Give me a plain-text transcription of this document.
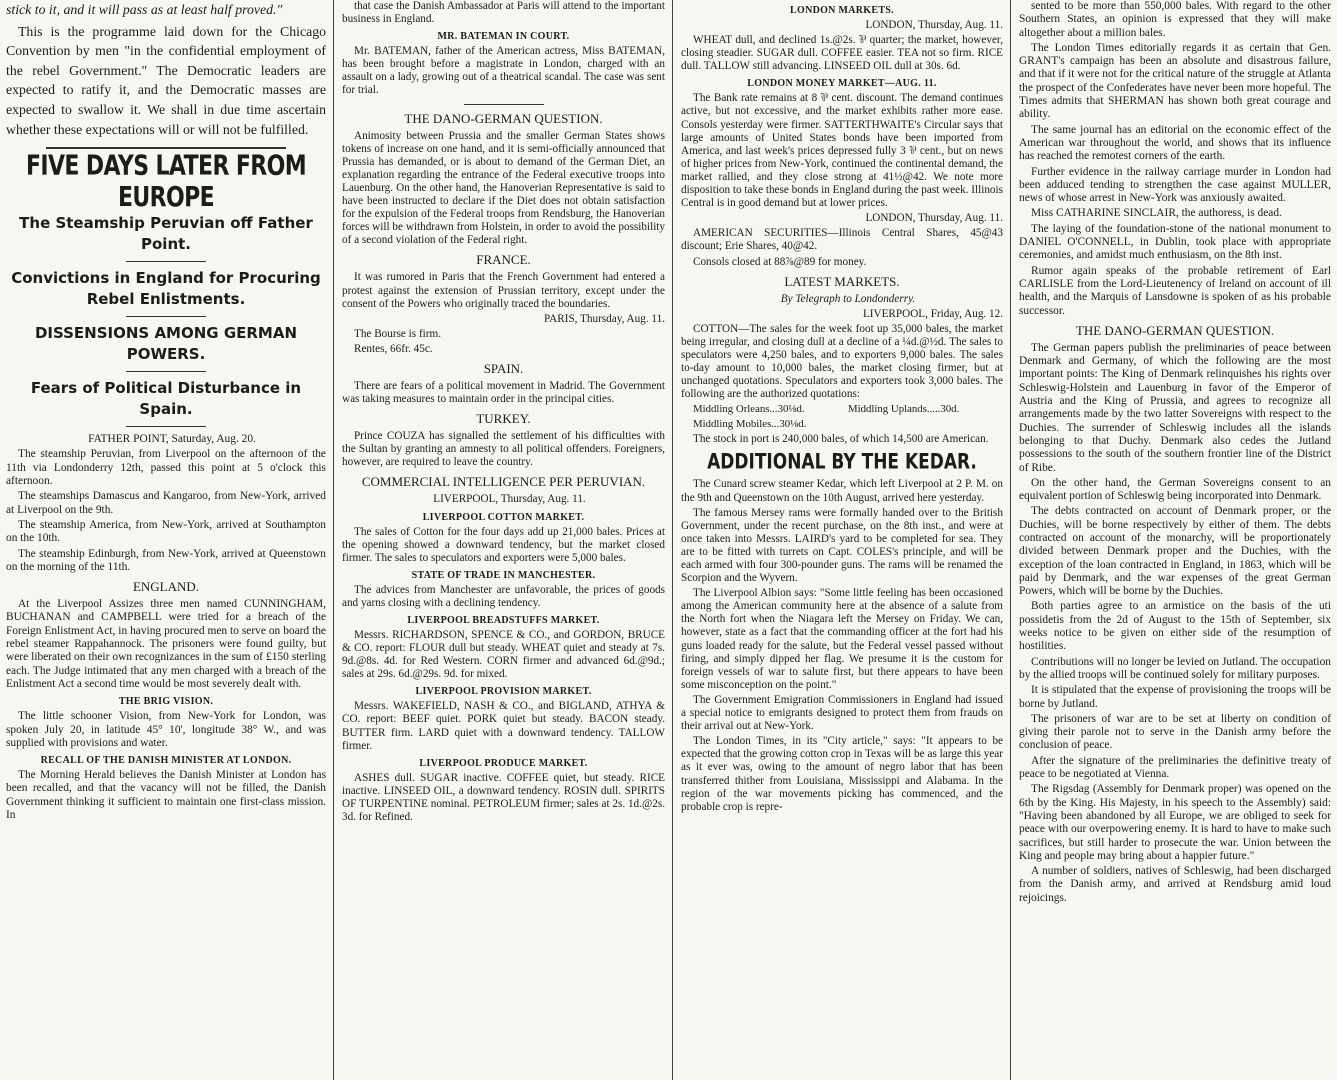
stick to it, and it will pass as at least half proved."

This is the programme laid down for the Chicago Convention by men "in the confidential employment of the rebel Government." The Democratic leaders are expected to ratify it, and the Democratic masses are expected to swallow it. We shall in due time ascertain whether these expectations will or will not be fulfilled.

FIVE DAYS LATER FROM EUROPE
The Steamship Peruvian off Father Point.
Convictions in England for Procuring Rebel Enlistments.
DISSENSIONS AMONG GERMAN POWERS.
Fears of Political Disturbance in Spain.

FATHER POINT, Saturday, Aug. 20.

The steamship Peruvian, from Liverpool on the afternoon of the 11th via Londonderry 12th, passed this point at 5 o'clock this afternoon.

The steamships Damascus and Kangaroo, from New-York, arrived at Liverpool on the 9th.

The steamship America, from New-York, arrived at Southampton on the 10th.

The steamship Edinburgh, from New-York, arrived at Queenstown on the morning of the 11th.

ENGLAND.

At the Liverpool Assizes three men named CUNNINGHAM, BUCHANAN and CAMPBELL were tried for a breach of the Foreign Enlistment Act, in having procured men to serve on board the rebel steamer Rappahannock. The prisoners were found guilty, but were liberated on their own recognizances in the sum of £150 sterling each. The Judge intimated that any men charged with a breach of the Enlistment Act a second time would be most severely dealt with.

THE BRIG VISION.

The little schooner Vision, from New-York for London, was spoken July 20, in latitude 45° 10', longitude 38° W., and was supplied with provisions and water.

RECALL OF THE DANISH MINISTER AT LONDON.

The Morning Herald believes the Danish Minister at London has been recalled, and that the vacancy will not be filled, the Danish Government thinking it sufficient to maintain one first-class mission. In

that case the Danish Ambassador at Paris will attend to the important business in England.

MR. BATEMAN IN COURT.

Mr. BATEMAN, father of the American actress, Miss BATEMAN, has been brought before a magistrate in London, charged with an assault on a lady, growing out of a theatrical scandal. The case was sent for trial.

THE DANO-GERMAN QUESTION.

Animosity between Prussia and the smaller German States shows tokens of increase on one hand, and it is semi-officially announced that Prussia has demanded, or is about to demand of the German Diet, an explanation regarding the entrance of the Federal executive troops into Lauenburg. On the other hand, the Hanoverian Representative is said to have been instructed to declare if the Diet does not obtain satisfaction for the expulsion of the Federal troops from Rendsburg, the Hanoverian forces will be withdrawn from Holstein, in order to avoid the possibility of a second violation of the Federal right.

FRANCE.

It was rumored in Paris that the French Government had entered a protest against the extension of Prussian territory, except under the consent of the Powers who originally traced the boundaries.

PARIS, Thursday, Aug. 11.

The Bourse is firm.

Rentes, 66fr. 45c.

SPAIN.

There are fears of a political movement in Madrid. The Government was taking measures to maintain order in the principal cities.

TURKEY.

Prince COUZA has signalled the settlement of his difficulties with the Sultan by granting an amnesty to all political offenders. Foreigners, however, are required to leave the country.

COMMERCIAL INTELLIGENCE PER PERUVIAN.

LIVERPOOL, Thursday, Aug. 11.

LIVERPOOL COTTON MARKET.

The sales of Cotton for the four days add up 21,000 bales. Prices at the opening showed a downward tendency, but the market closed firmer. The sales to speculators and exporters were 5,000 bales.

STATE OF TRADE IN MANCHESTER.

The advices from Manchester are unfavorable, the prices of goods and yarns closing with a declining tendency.

LIVERPOOL BREADSTUFFS MARKET.

Messrs. RICHARDSON, SPENCE & CO., and GORDON, BRUCE & CO. report: FLOUR dull but steady. WHEAT quiet and steady at 7s. 9d.@8s. 4d. for Red Western. CORN firmer and advanced 6d.@9d.; sales at 29s. 6d.@29s. 9d. for mixed.

LIVERPOOL PROVISION MARKET.

Messrs. WAKEFIELD, NASH & CO., and BIGLAND, ATHYA & CO. report: BEEF quiet. PORK quiet but steady. BACON steady. BUTTER firm. LARD quiet with a downward tendency. TALLOW firmer.

LIVERPOOL PRODUCE MARKET.

ASHES dull. SUGAR inactive. COFFEE quiet, but steady. RICE inactive. LINSEED OIL, a downward tendency. ROSIN dull. SPIRITS OF TURPENTINE nominal. PETROLEUM firmer; sales at 2s. 1d.@2s. 3d. for Refined.

LONDON MARKETS.

LONDON, Thursday, Aug. 11.

WHEAT dull, and declined 1s.@2s. ⅌ quarter; the market, however, closing steadier. SUGAR dull. COFFEE easier. TEA not so firm. RICE dull. TALLOW still advancing. LINSEED OIL dull at 30s. 6d.

LONDON MONEY MARKET—AUG. 11.

The Bank rate remains at 8 ⅌ cent. discount. The demand continues active, but not excessive, and the market exhibits rather more ease. Consols yesterday were firmer. SATTERTHWAITE's Circular says that large amounts of United States bonds have been imported from America, and last week's prices depressed fully 3 ⅌ cent., but on news of higher prices from New-York, continued the continental demand, the market rallied, and they close strong at 41½@42. We note more disposition to take these bonds in England during the past week. Illinois Central is in good demand but at lower prices.

LONDON, Thursday, Aug. 11.

AMERICAN SECURITIES—Illinois Central Shares, 45@43 discount; Erie Shares, 40@42.

Consols closed at 88⅞@89 for money.

LATEST MARKETS.

By Telegraph to Londonderry.

LIVERPOOL, Friday, Aug. 12.

COTTON—The sales for the week foot up 35,000 bales, the market being irregular, and closing dull at a decline of a ¼d.@½d. The sales to speculators were 4,250 bales, and to exporters 9,000 bales. The sales to-day amount to 10,000 bales, the market closing firmer, but at unchanged quotations. Speculators and exporters took 3,000 bales. The following are the authorized quotations:

Middling Orleans...30⅛d.	Middling Uplands.....30d.
Middling Mobiles...30⅛d.

The stock in port is 240,000 bales, of which 14,500 are American.

ADDITIONAL BY THE KEDAR.

The Cunard screw steamer Kedar, which left Liverpool at 2 P. M. on the 9th and Queenstown on the 10th August, arrived here yesterday.

The famous Mersey rams were formally handed over to the British Government, under the recent purchase, on the 8th inst., and were at once taken into Messrs. LAIRD's yard to be completed for sea. They are to be fitted with turrets on Capt. COLES's principle, and will be each armed with four 300-pounder guns. The rams will be renamed the Scorpion and the Wyvern.

The Liverpool Albion says: "Some little feeling has been occasioned among the American community here at the absence of a salute from the North fort when the Niagara left the Mersey on Friday. We can, however, state as a fact that the commanding officer at the fort had his guns loaded ready for the salute, but the Federal vessel passed without firing, and simply dipped her flag. We presume it is the custom for foreign vessels of war to salute first, but there appears to have been some misconception on the point."

The Government Emigration Commissioners in England had issued a special notice to emigrants designed to protect them from frauds on their arrival out at New-York.

The London Times, in its "City article," says: "It appears to be expected that the growing cotton crop in Texas will be as large this year as it ever was, owing to the amount of negro labor that has been transferred thither from Louisiana, Mississippi and Alabama. In the region of the war movements picking has commenced, and the probable crop is repre-

sented to be more than 550,000 bales. With regard to the other Southern States, an opinion is expressed that they will make altogether about a million bales.

The London Times editorially regards it as certain that Gen. GRANT's campaign has been an absolute and disastrous failure, and that if it were not for the critical nature of the struggle at Atlanta the prospect of the Confederates have never been more hopeful. The Times admits that SHERMAN has shown both great courage and ability.

The same journal has an editorial on the economic effect of the American war throughout the world, and shows that its influence has reached the remotest corners of the earth.

Further evidence in the railway carriage murder in London had been adduced tending to strengthen the case against MULLER, news of whose arrest in New-York was anxiously awaited.

Miss CATHARINE SINCLAIR, the authoress, is dead.

The laying of the foundation-stone of the national monument to DANIEL O'CONNELL, in Dublin, took place with appropriate ceremonies, and amidst much enthusiasm, on the 8th inst.

Rumor again speaks of the probable retirement of Earl CARLISLE from the Lord-Lieutenency of Ireland on account of ill health, and the Marquis of Lansdowne is spoken of as his probable successor.

THE DANO-GERMAN QUESTION.

The German papers publish the preliminaries of peace between Denmark and Germany, of which the following are the most important points: The King of Denmark relinquishes his rights over Schleswig-Holstein and Lauenburg in favor of the Emperor of Austria and the King of Prussia, and agrees to recognize all arrangements made by the two latter Sovereigns with respect to the Duchies. The surrender of Schleswig includes all the islands belonging to that Duchy. Denmark also cedes the Jutland possessions to the south of the southern frontier line of the District of Ribe.

On the other hand, the German Sovereigns consent to an equivalent portion of Schleswig being incorporated into Denmark.

The debts contracted on account of Denmark proper, or the Duchies, will be borne respectively by either of them. The debts contracted on account of the monarchy, will be proportionately divided between Denmark proper and the Duchies, with the exception of the loan contracted in England, in 1863, which will be paid by Denmark, and the war expenses of the great German Powers, which will be borne by the Duchies.

Both parties agree to an armistice on the basis of the uti possidetis from the 2d of August to the 15th of September, six weeks notice to be given on either side of the resumption of hostilities.

Contributions will no longer be levied on Jutland. The occupation by the allied troops will be continued solely for military purposes.

It is stipulated that the expense of provisioning the troops will be borne by Jutland.

The prisoners of war are to be set at liberty on condition of giving their parole not to serve in the Danish army before the conclusion of peace.

After the signature of the preliminaries the definitive treaty of peace to be negotiated at Vienna.

The Rigsdag (Assembly for Denmark proper) was opened on the 6th by the King. His Majesty, in his speech to the Assembly) said: "Having been abandoned by all Europe, we are obliged to seek for peace with our overpowering enemy. It is hard to have to make such sacrifices, but still harder to prosecute the war. Union between the King and people may bring about a happier future."

A number of soldiers, natives of Schleswig, had been discharged from the Danish army, and arrived at Rendsburg amid loud rejoicings.
